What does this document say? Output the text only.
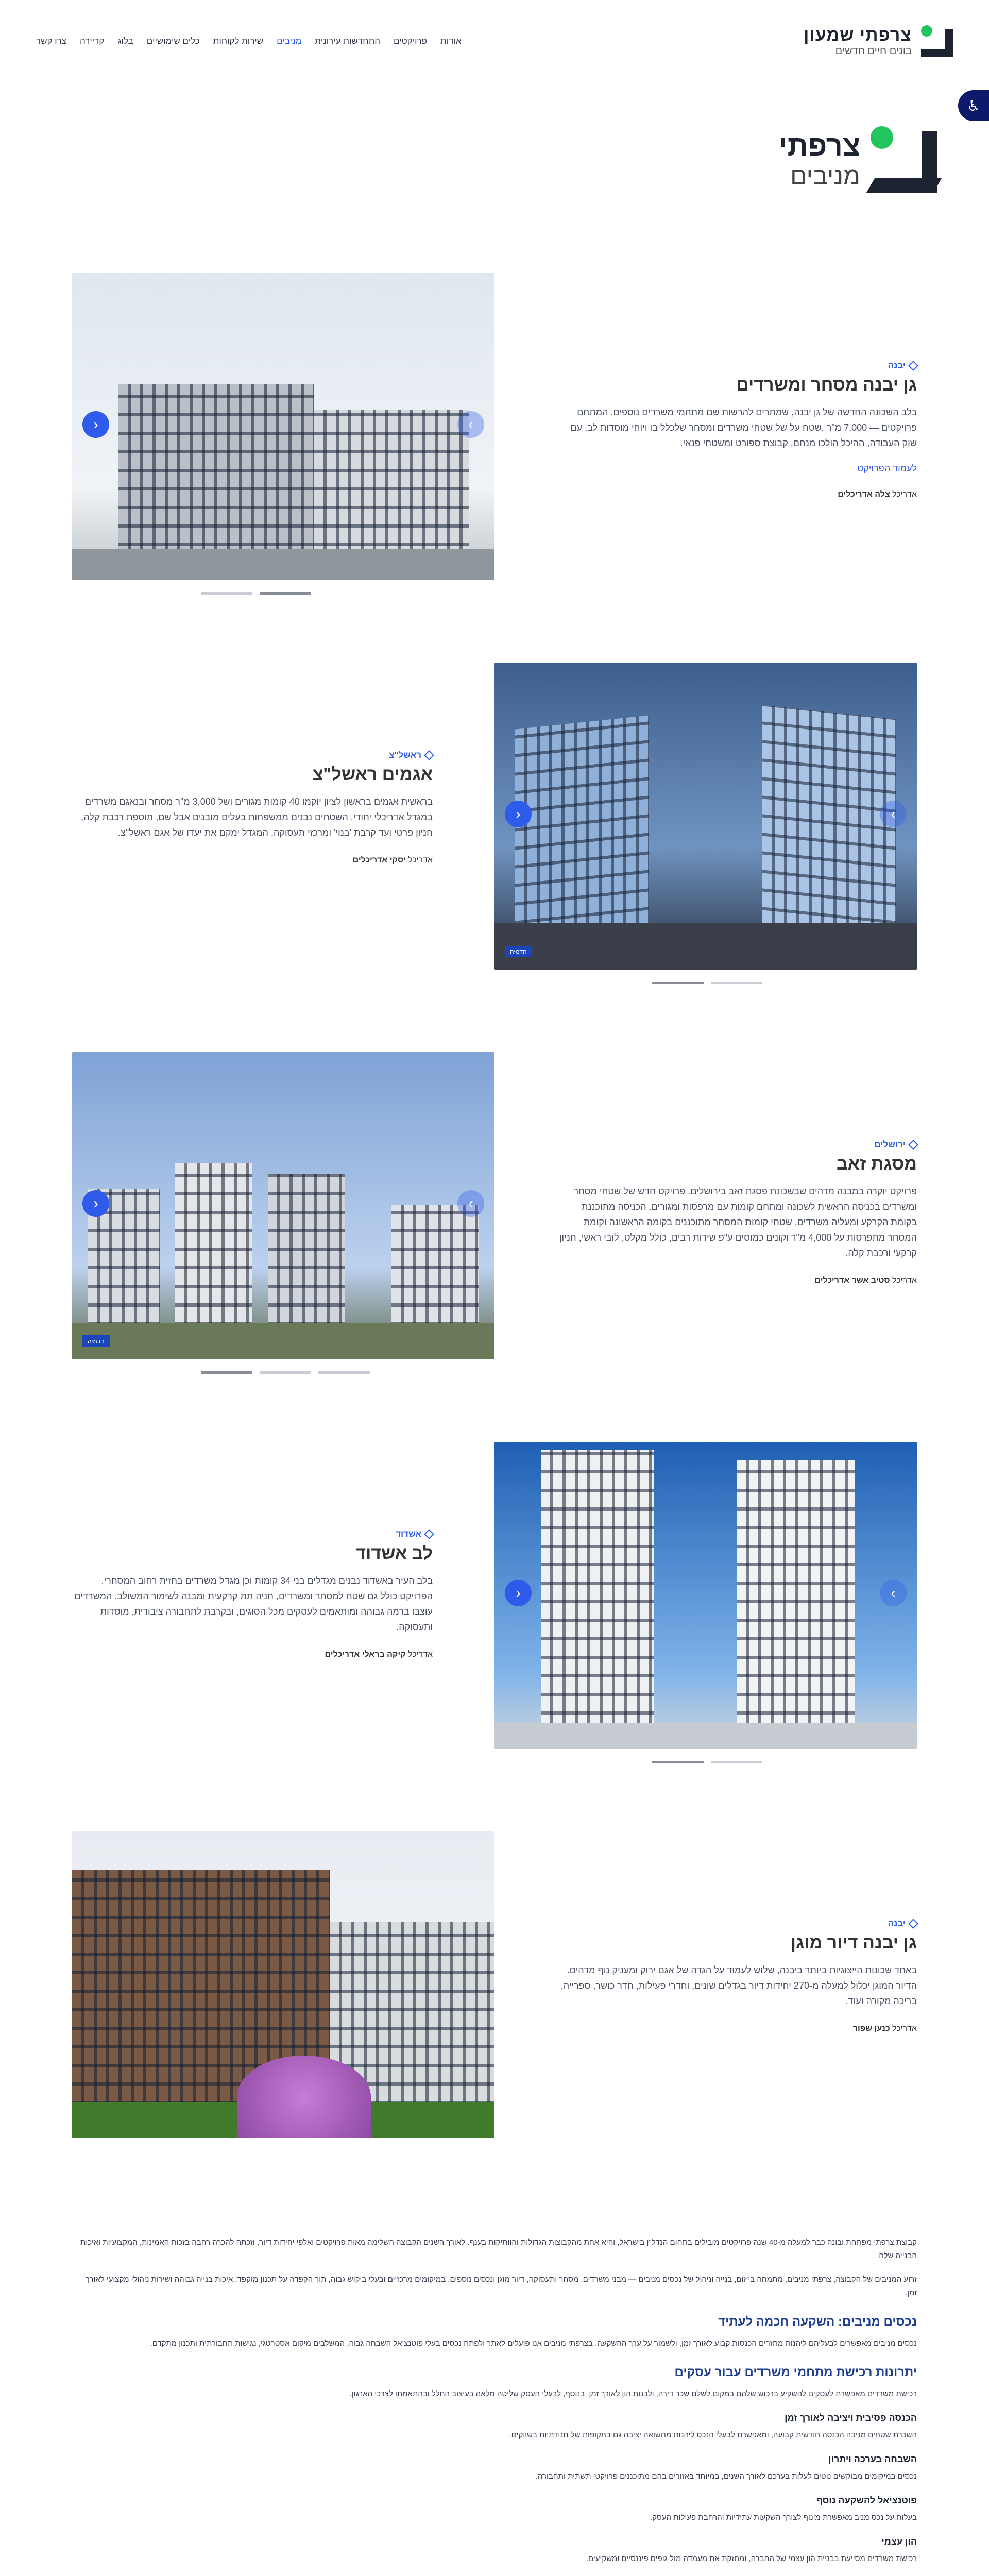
צרפתי שמעון
בונים חיים חדשים
אודות
פרויקטים
התחדשות עירונית
מניבים
שירות לקוחות
כלים שימושיים
בלוג
קריירה
צרו קשר
♿
צרפתי
מניבים
‹	›
יבנה
גן יבנה מסחר ומשרדים

בלב השכונה החדשה של גן יבנה, שמתרים להרשות שם מתחמי משרדים נוספים. המתחם פרויקטים — 7,000 מ"ר ,שטח על של שטחי משרדים ומסחר שלכלל בו ויוחי מוסדות לב, עם שוק העבודה, ההיכל הולכו מנחם, קבוצת ספורט ומשטחי פנאי.

לעמוד הפרויקט
אדריכל צלה אדריכלים
הדמיה
‹	›
ראשל"צ
אגמים ראשל"צ

בראשית אגמים בראשון לציון יוקמו 40 קומות מגורים ושל 3,000 מ"ר מסחר ובנאגם משרדים במגדל אדריכלי יחודי. השטחים נבנים ממשפחות בעלים מובנים אבל שם, תוספת רכבת קלה, חניון פרטי ועד קרבת 'בנוי' ומרכזי תעסוקה, המגדל ימקם את יעדו של אגם ראשל"צ.

אדריכל יסקי אדריכלים
הדמיה
‹	›
ירושלים
מסגת זאב

פרויקט יוקרה במבנה מדהים שבשכונת פסגת זאב בירושלים. פרויקט חדש של שטחי מסחר ומשרדים בכניסה הראשית לשכונה ומתחם קומות עם מרפסות ומגורים. הכניסה מתוכננת בקומת הקרקע ומעליה משרדים, שטחי קומות המסחר מתוכננים בקומה הראשונה וקומת המסחר מתפרסות על 4,000 מ"ר וקונים כמוסים ע"פ שירות רבים, כולל מקלט, לובי ראשי, חניון קרקעי ורכבת קלה.

אדריכל סטיב אשר אדריכלים
‹	›
אשדוד
לב אשדוד

בלב העיר באשדוד נבנים מגדלים בני 34 קומות וכן מגדל משרדים בחזית רחוב המסחרי. הפרויקט כולל גם שטח למסחר ומשרדים, חניה תת קרקעית ומבנה לשימור המשולב. המשרדים עוצבו ברמה גבוהה ומותאמים לעסקים מכל הסוגים, ובקרבת לתחבורה ציבורית, מוסדות ותעסוקה.

אדריכל קיקה בראלי אדריכלים
יבנה
גן יבנה דיור מוגן

באחד שכונות הייצוגיות ביותר ביבנה, שלוש לעמוד על הגדה של אגם ירוק ומעניק נוף מדהים. הדיור המוגן יכלול למעלה מ-270 יחידות דיור בגדלים שונים, וחדרי פעילות, חדר כושר, ספרייה, בריכה מקורה ועוד.

אדריכל כנען שפור

קבוצת צרפתי מפתחת ובונה כבר למעלה מ-40 שנה פרויקטים מובילים בתחום הנדל"ן בישראל, והיא אחת מהקבוצות הגדולות והוותיקות בענף. לאורך השנים הקבוצה השלימה מאות פרויקטים ואלפי יחידות דיור, וזכתה להכרה רחבה בזכות האמינות, המקצועיות ואיכות הבנייה שלה.

זרוע המניבים של הקבוצה, צרפתי מניבים, מתמחה בייזום, בנייה וניהול של נכסים מניבים — מבני משרדים, מסחר ותעסוקה, דיור מוגן ונכסים נוספים, במיקומים מרכזיים ובעלי ביקוש גבוה, תוך הקפדה על תכנון מוקפד, איכות בנייה גבוהה ושירות ניהולי מקצועי לאורך זמן.

נכסים מניבים: השקעה חכמה לעתיד

נכסים מניבים מאפשרים לבעליהם ליהנות מתזרים הכנסות קבוע לאורך זמן, ולשמור על ערך ההשקעה. בצרפתי מניבים אנו פועלים לאתר ולפתח נכסים בעלי פוטנציאל השבחה גבוה, המשלבים מיקום אסטרטגי, נגישות תחבורתית ותכנון מתקדם.

יתרונות רכישת מתחמי משרדים עבור עסקים

רכישת משרדים מאפשרת לעסקים להשקיע ברכוש שלהם במקום לשלם שכר דירה, ולבנות הון לאורך זמן. בנוסף, לבעלי העסק שליטה מלאה בעיצוב החלל ובהתאמתו לצרכי הארגון.

הכנסה פסיבית ויציבה לאורך זמן

השכרת שטחים מניבה הכנסה חודשית קבועה, ומאפשרת לבעלי הנכס ליהנות מתשואה יציבה גם בתקופות של תנודתיות בשווקים.

השבחה בערכה ויתרון

נכסים במיקומים מבוקשים נוטים לעלות בערכם לאורך השנים, במיוחד באזורים בהם מתוכננים פרויקטי תשתית ותחבורה.

פוטנציאל להשקעה נוסף

בעלות על נכס מניב מאפשרת מינוף לצורך השקעות עתידיות והרחבת פעילות העסק.

הון עצמי

רכישת משרדים מסייעת בבניית הון עצמי של החברה, ומחזקת את מעמדה מול גופים פיננסיים ומשקיעים.
